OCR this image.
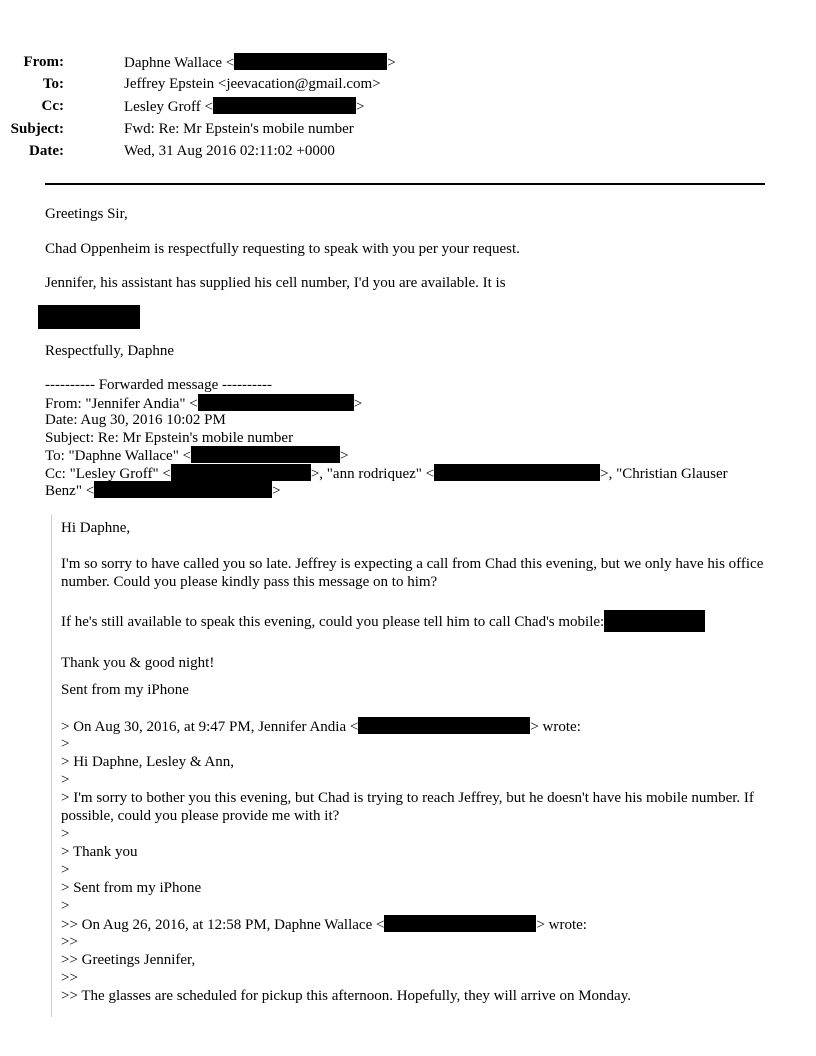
From:	Daphne Wallace <	>
To:	Jeffrey Epstein <jeevacation@gmail.com>
Cc:	Lesley Groff <	>
Subject:	Fwd: Re: Mr Epstein's mobile number
Date:	Wed, 31 Aug 2016 02:11:02 +0000
Greetings Sir,
Chad Oppenheim is respectfully requesting to speak with you per your request.
Jennifer, his assistant has supplied his cell number, I'd you are available. It is
Respectfully, Daphne
---------- Forwarded message ----------
From: "Jennifer Andia" <	>
Date: Aug 30, 2016 10:02 PM
Subject: Re: Mr Epstein's mobile number
To: "Daphne Wallace" <	>
Cc: "Lesley Groff" <	>, "ann rodriquez" <	>, "Christian Glauser
Benz" <	>
Hi Daphne,
I'm so sorry to have called you so late. Jeffrey is expecting a call from Chad this evening, but we only have his office number. Could you please kindly pass this message on to him?
If he's still available to speak this evening, could you please tell him to call Chad's mobile:
Thank you & good night!
Sent from my iPhone
> On Aug 30, 2016, at 9:47 PM, Jennifer Andia <	> wrote:
>
> Hi Daphne, Lesley & Ann,
>
> I'm sorry to bother you this evening, but Chad is trying to reach Jeffrey, but he doesn't have his mobile number. If possible, could you please provide me with it?
>
> Thank you
>
> Sent from my iPhone
>
>> On Aug 26, 2016, at 12:58 PM, Daphne Wallace <	> wrote:
>>
>> Greetings Jennifer,
>>
>> The glasses are scheduled for pickup this afternoon. Hopefully, they will arrive on Monday.
